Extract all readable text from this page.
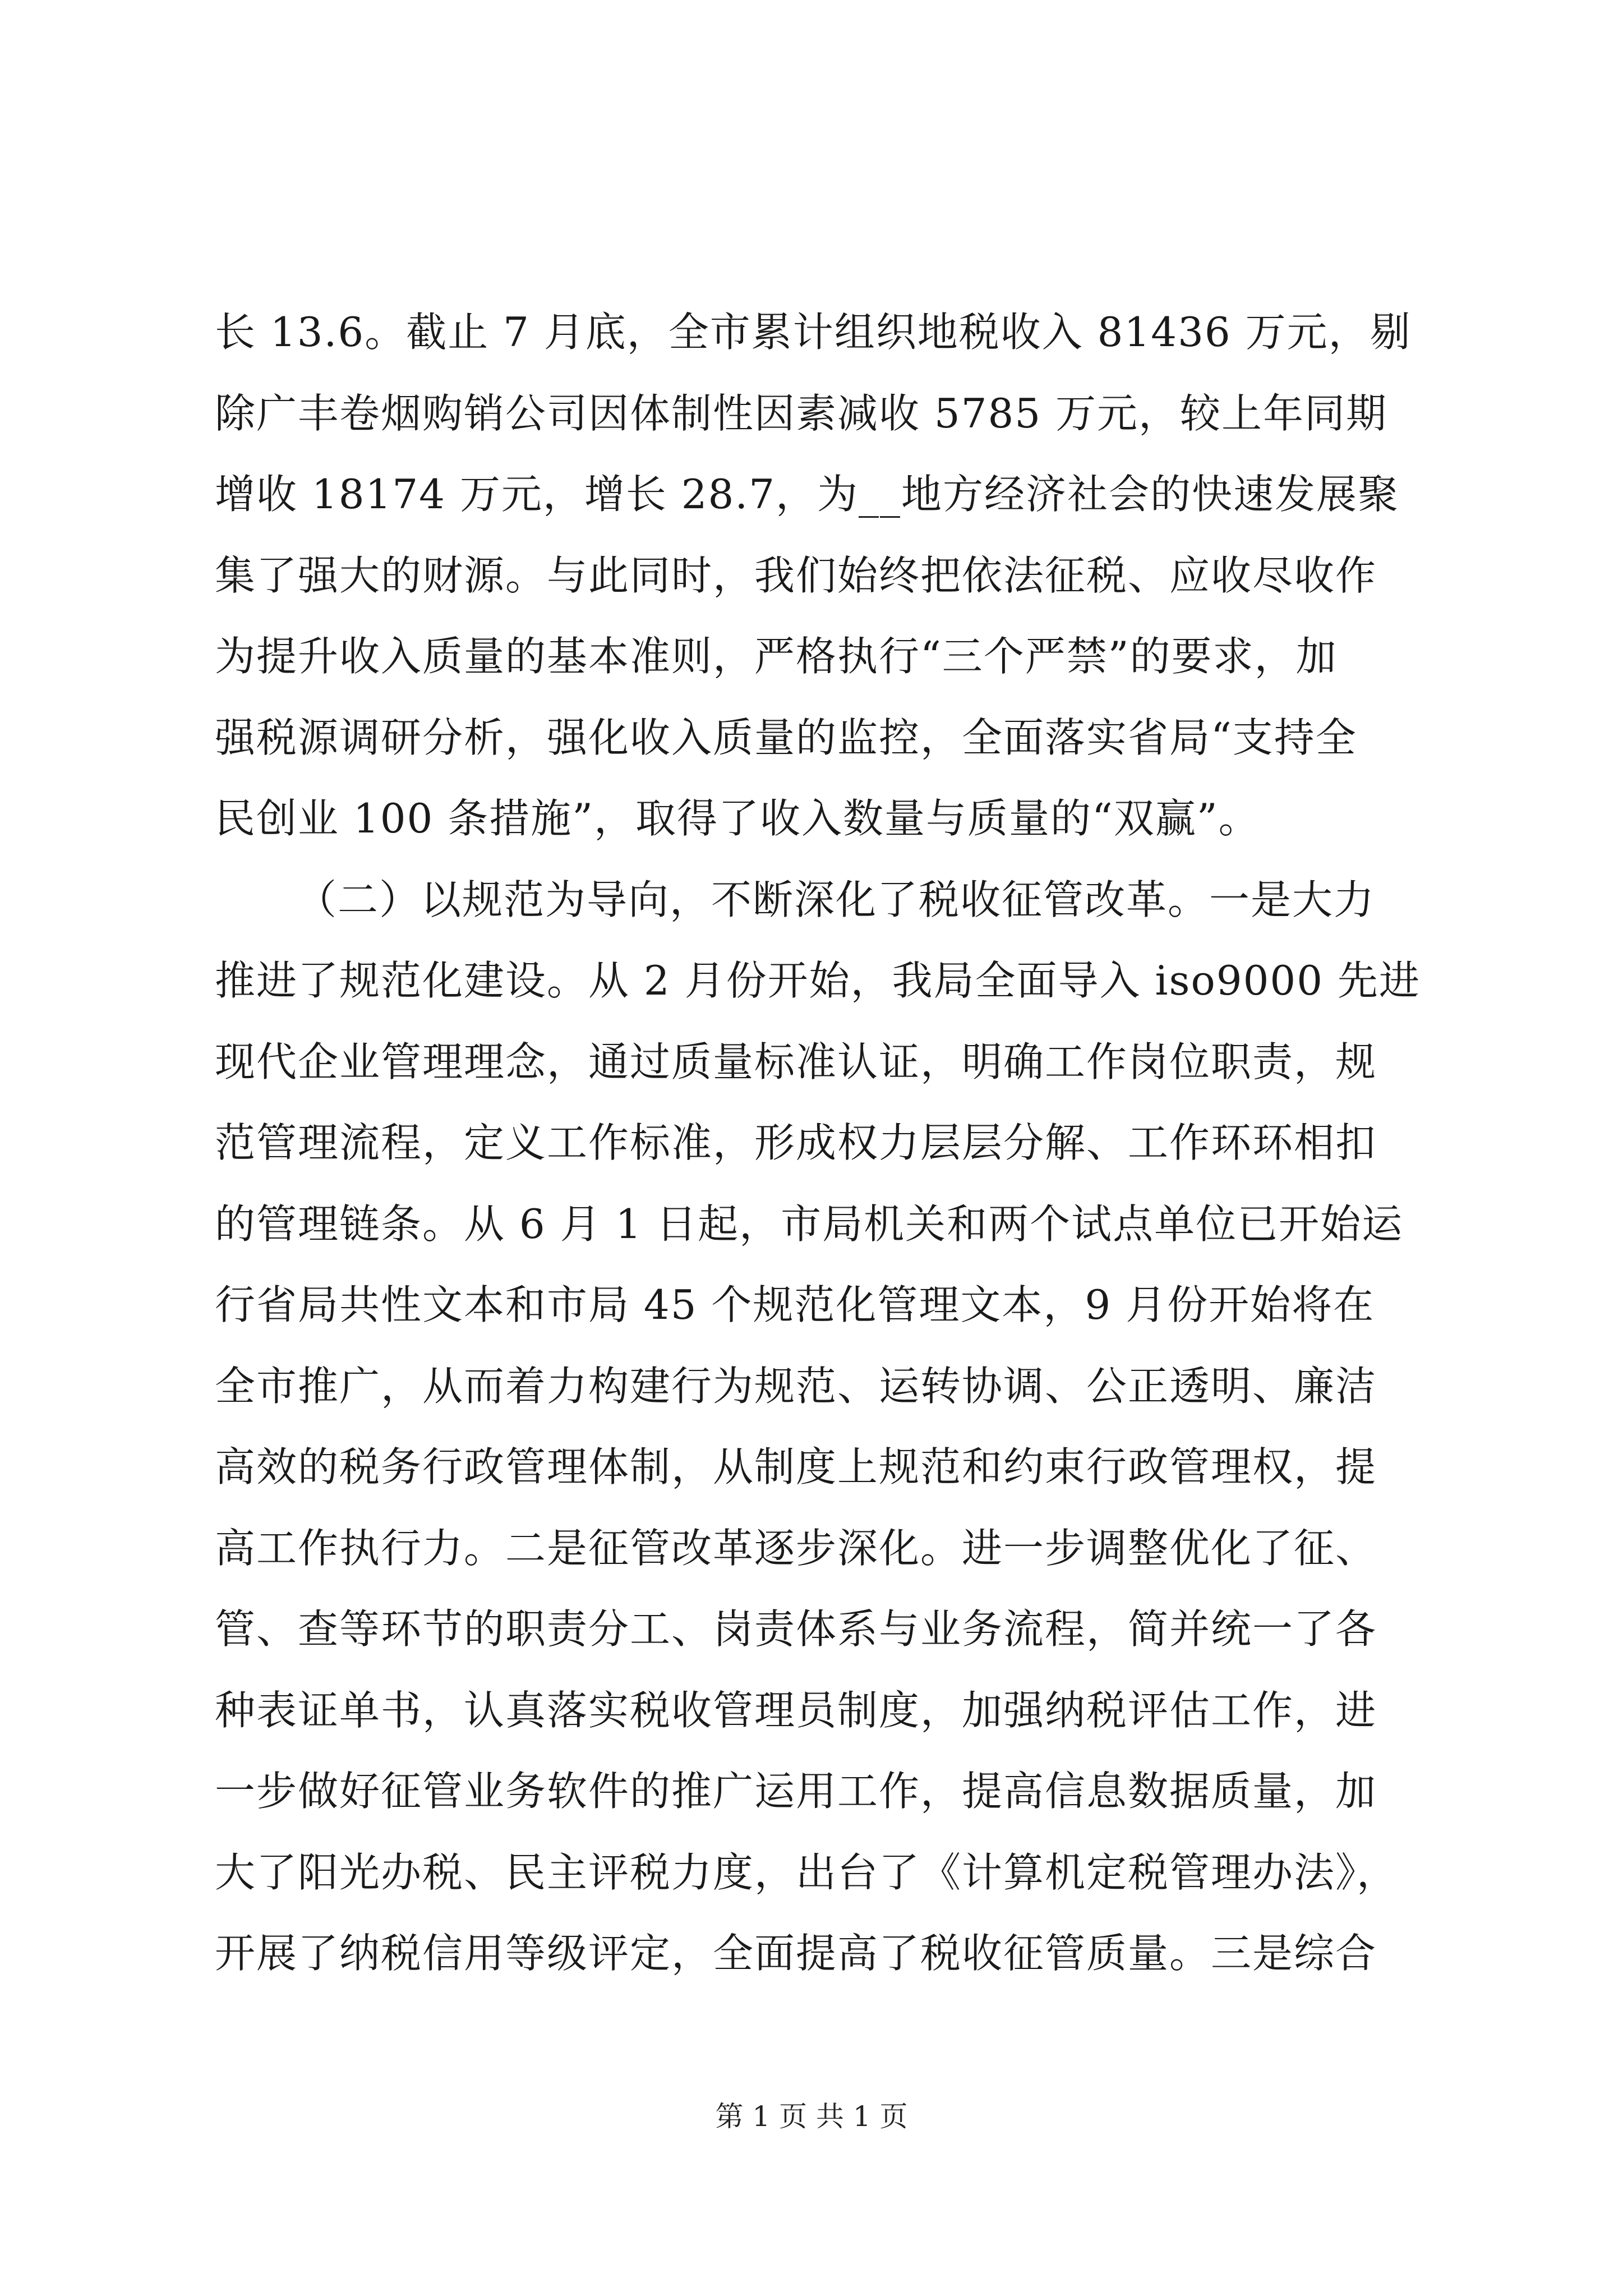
长 13.6。截止 7 月底，全市累计组织地税收入 81436 万元，剔
除广丰卷烟购销公司因体制性因素减收 5785 万元，较上年同期
增收 18174 万元，增长 28.7，为__地方经济社会的快速发展聚
集了强大的财源。与此同时，我们始终把依法征税、应收尽收作
为提升收入质量的基本准则，严格执行“三个严禁”的要求，加
强税源调研分析，强化收入质量的监控，全面落实省局“支持全
民创业 100 条措施”，取得了收入数量与质量的“双赢”。
（二）以规范为导向，不断深化了税收征管改革。一是大力
推进了规范化建设。从 2 月份开始，我局全面导入 iso9000 先进
现代企业管理理念，通过质量标准认证，明确工作岗位职责，规
范管理流程，定义工作标准，形成权力层层分解、工作环环相扣
的管理链条。从 6 月 1 日起，市局机关和两个试点单位已开始运
行省局共性文本和市局 45 个规范化管理文本，9 月份开始将在
全市推广，从而着力构建行为规范、运转协调、公正透明、廉洁
高效的税务行政管理体制，从制度上规范和约束行政管理权，提
高工作执行力。二是征管改革逐步深化。进一步调整优化了征、
管、查等环节的职责分工、岗责体系与业务流程，简并统一了各
种表证单书，认真落实税收管理员制度，加强纳税评估工作，进
一步做好征管业务软件的推广运用工作，提高信息数据质量，加
大了阳光办税、民主评税力度，出台了《计算机定税管理办法》，
开展了纳税信用等级评定，全面提高了税收征管质量。三是综合
第 1 页 共 1 页
